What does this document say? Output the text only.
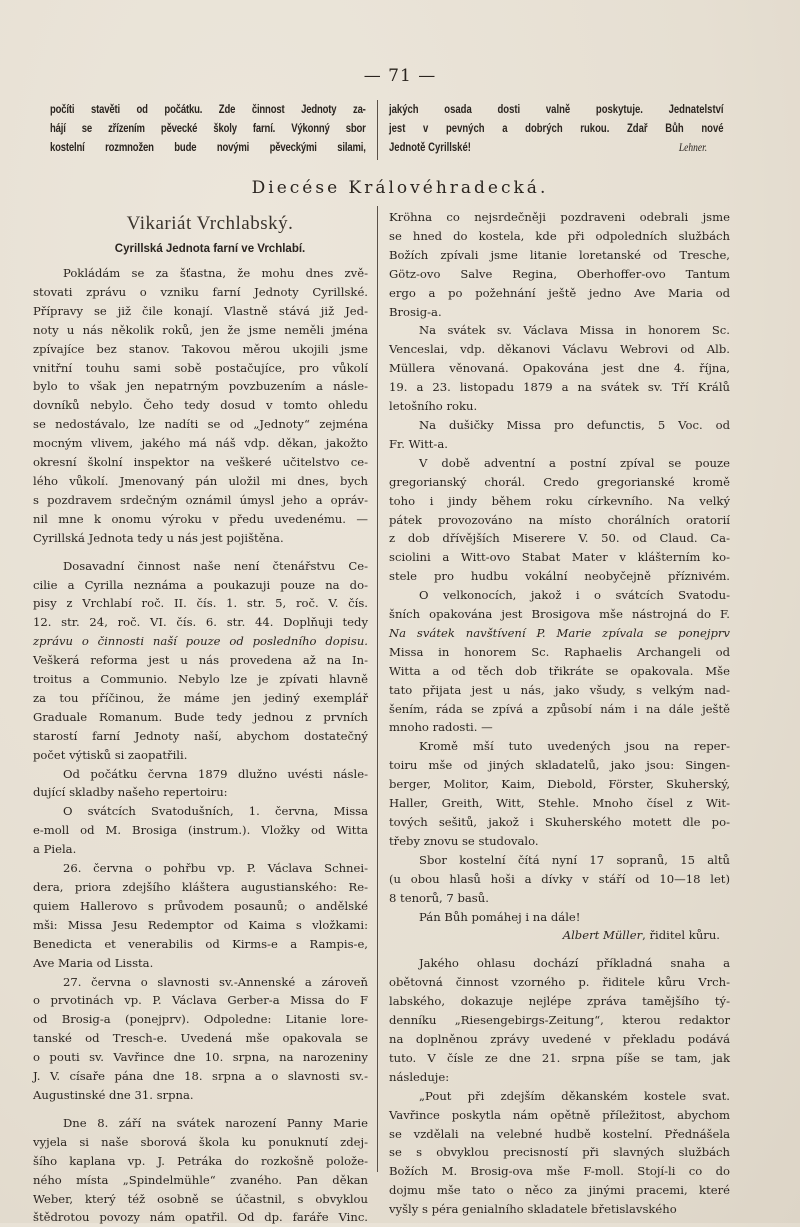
— 71 —
počíti stavěti od počátku. Zde činnost Jednoty za-
hájí se zřízením pěvecké školy farní. Výkonný sbor
kostelní rozmnožen bude novými pěveckými silami,
jakých osada dosti valně poskytuje. Jednatelství
jest v pevných a dobrých rukou. Zdař Bůh nové
Jednotě Cyrillské!	Lehner.
Diecése Královéhradecká.
Vikariát Vrchlabský.
Cyrillská Jednota farní ve Vrchlabí.
Pokládám se za šťastna, že mohu dnes zvě-
stovati zprávu o vzniku farní Jednoty Cyrillské.
Přípravy se již čile konají. Vlastně stává již Jed-
noty u nás několik roků, jen že jsme neměli jména
zpívajíce bez stanov. Takovou měrou ukojili jsme
vnitřní touhu sami sobě postačujíce, pro vůkolí
bylo to však jen nepatrným povzbuzením a násle-
dovníků nebylo. Čeho tedy dosud v tomto ohledu
se nedostávalo, lze nadíti se od „Jednoty“ zejména
mocným vlivem, jakého má náš vdp. děkan, jakožto
okresní školní inspektor na veškeré učitelstvo ce-
lého vůkolí. Jmenovaný pán uložil mi dnes, bych
s pozdravem srdečným oznámil úmysl jeho a opráv-
nil mne k onomu výroku v předu uvedenému. —
Cyrillská Jednota tedy u nás jest pojištěna.
Dosavadní činnost naše není čtenářstvu Ce-
cilie a Cyrilla neznáma a poukazuji pouze na do-
pisy z Vrchlabí roč. II. čís. 1. str. 5, roč. V. čís.
12. str. 24, roč. VI. čís. 6. str. 44. Doplňuji tedy
zprávu o činnosti naší pouze od posledního dopisu.
Veškerá reforma jest u nás provedena až na In-
troitus a Communio. Nebylo lze je zpívati hlavně
za tou příčinou, že máme jen jediný exemplář
Graduale Romanum. Bude tedy jednou z prvních
starostí farní Jednoty naší, abychom dostatečný
počet výtisků si zaopatřili.
Od počátku června 1879 dlužno uvésti násle-
dující skladby našeho repertoiru:
O svátcích Svatodušních, 1. června, Missa
e-moll od M. Brosiga (instrum.). Vložky od Witta
a Piela.
26. června o pohřbu vp. P. Václava Schnei-
dera, priora zdejšího kláštera augustianského: Re-
quiem Hallerovo s průvodem posaunů; o andělské
mši: Missa Jesu Redemptor od Kaima s vložkami:
Benedicta et venerabilis od Kirms-e a Rampis-e,
Ave Maria od Lissta.
27. června o slavnosti sv.-Annenské a zároveň
o prvotinách vp. P. Václava Gerber-a Missa do F
od Brosig-a (ponejprv). Odpoledne: Litanie lore-
tanské od Tresch-e. Uvedená mše opakovala se
o pouti sv. Vavřince dne 10. srpna, na narozeniny
J. V. císaře pána dne 18. srpna a o slavnosti sv.-
Augustinské dne 31. srpna.
Dne 8. září na svátek narození Panny Marie
vyjela si naše sborová škola ku ponuknutí zdej-
šího kaplana vp. J. Petráka do rozkošně polože-
ného místa „Spindelmühle“ zvaného. Pan děkan
Weber, který též osobně se účastnil, s obvyklou
štědrotou povozy nám opatřil. Od dp. faráře Vinc.
Kröhna co nejsrdečněji pozdraveni odebrali jsme
se hned do kostela, kde při odpoledních službách
Božích zpívali jsme litanie loretanské od Tresche,
Götz-ovo Salve Regina, Oberhoffer-ovo Tantum
ergo a po požehnání ještě jedno Ave Maria od
Brosig-a.
Na svátek sv. Václava Missa in honorem Sc.
Venceslai, vdp. děkanovi Václavu Webrovi od Alb.
Müllera věnovaná. Opakována jest dne 4. října,
19. a 23. listopadu 1879 a na svátek sv. Tří Králů
letošního roku.
Na dušičky Missa pro defunctis, 5 Voc. od
Fr. Witt-a.
V době adventní a postní zpíval se pouze
gregorianský chorál. Credo gregorianské kromě
toho i jindy během roku církevního. Na velký
pátek provozováno na místo chorálních oratorií
z dob dřívějších Miserere V. 50. od Claud. Ca-
sciolini a Witt-ovo Stabat Mater v klášterním ko-
stele pro hudbu vokální neobyčejně příznivém.
O velkonocích, jakož i o svátcích Svatodu-
šních opakována jest Brosigova mše nástrojná do F.
Na svátek navštívení P. Marie zpívala se ponejprv
Missa in honorem Sc. Raphaelis Archangeli od
Witta a od těch dob třikráte se opakovala. Mše
tato přijata jest u nás, jako všudy, s velkým nad-
šením, ráda se zpívá a způsobí nám i na dále ještě
mnoho radosti. —
Kromě mší tuto uvedených jsou na reper-
toiru mše od jiných skladatelů, jako jsou: Singen-
berger, Molitor, Kaim, Diebold, Förster, Skuherský,
Haller, Greith, Witt, Stehle. Mnoho čísel z Wit-
tových sešitů, jakož i Skuherského motett dle po-
třeby znovu se studovalo.
Sbor kostelní čítá nyní 17 sopranů, 15 altů
(u obou hlasů hoši a dívky v stáří od 10—18 let)
8 tenorů, 7 basů.
Pán Bůh pomáhej i na dále!
Albert Müller, řiditel kůru.
Jakého ohlasu dochází příkladná snaha a
obětovná činnost vzorného p. řiditele kůru Vrch-
labského, dokazuje nejlépe zpráva tamějšího tý-
denníku „Riesengebirgs-Zeitung“, kterou redaktor
na doplněnou zprávy uvedené v překladu podává
tuto. V čísle ze dne 21. srpna píše se tam, jak
následuje:
„Pout při zdejším děkanském kostele svat.
Vavřince poskytla nám opětně příležitost, abychom
se vzdělali na velebné hudbě kostelní. Přednášela
se s obvyklou precisností při slavných službách
Božích M. Brosig-ova mše F-moll. Stojí-li co do
dojmu mše tato o něco za jinými pracemi, které
vyšly s péra genialního skladatele břetislavského
